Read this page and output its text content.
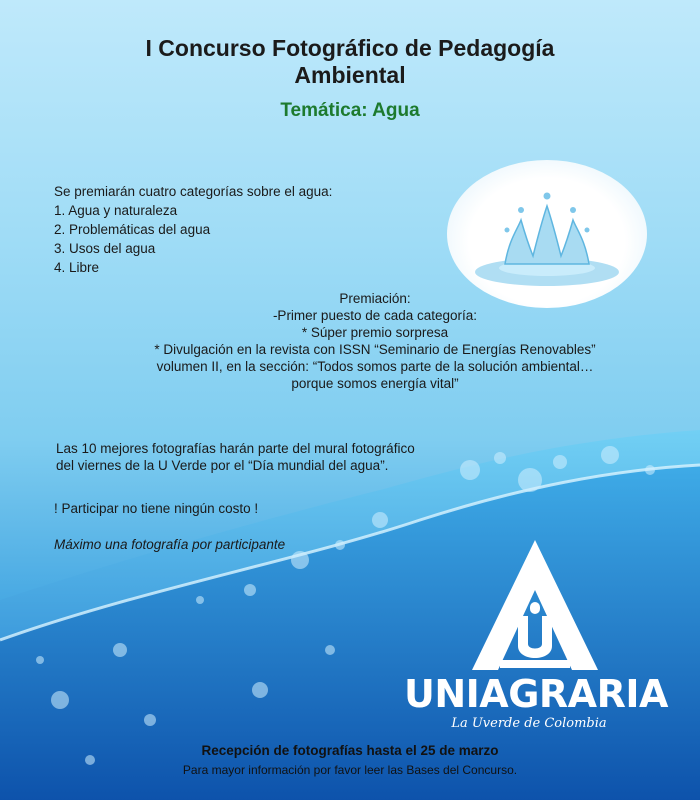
I Concurso Fotográfico de Pedagogía
Ambiental
Temática: Agua

Se premiarán cuatro categorías sobre el agua:

1. Agua y naturaleza
2. Problemáticas del agua
3. Usos del agua
4. Libre

Premiación:

-Primer puesto de cada categoría:

* Súper premio sorpresa

* Divulgación en la revista con ISSN “Seminario de Energías Renovables”

volumen II, en la sección: “Todos somos parte de la solución ambiental…

porque somos energía vital”

Las 10 mejores fotografías harán parte del mural fotográfico
del viernes de la U Verde por el “Día mundial del agua”.

! Participar no tiene ningún costo !

Máximo una fotografía por participante

UNIAGRARIA
La Uverde de Colombia

Recepción de fotografías hasta el 25 de marzo

Para mayor información por favor leer las Bases del Concurso.
